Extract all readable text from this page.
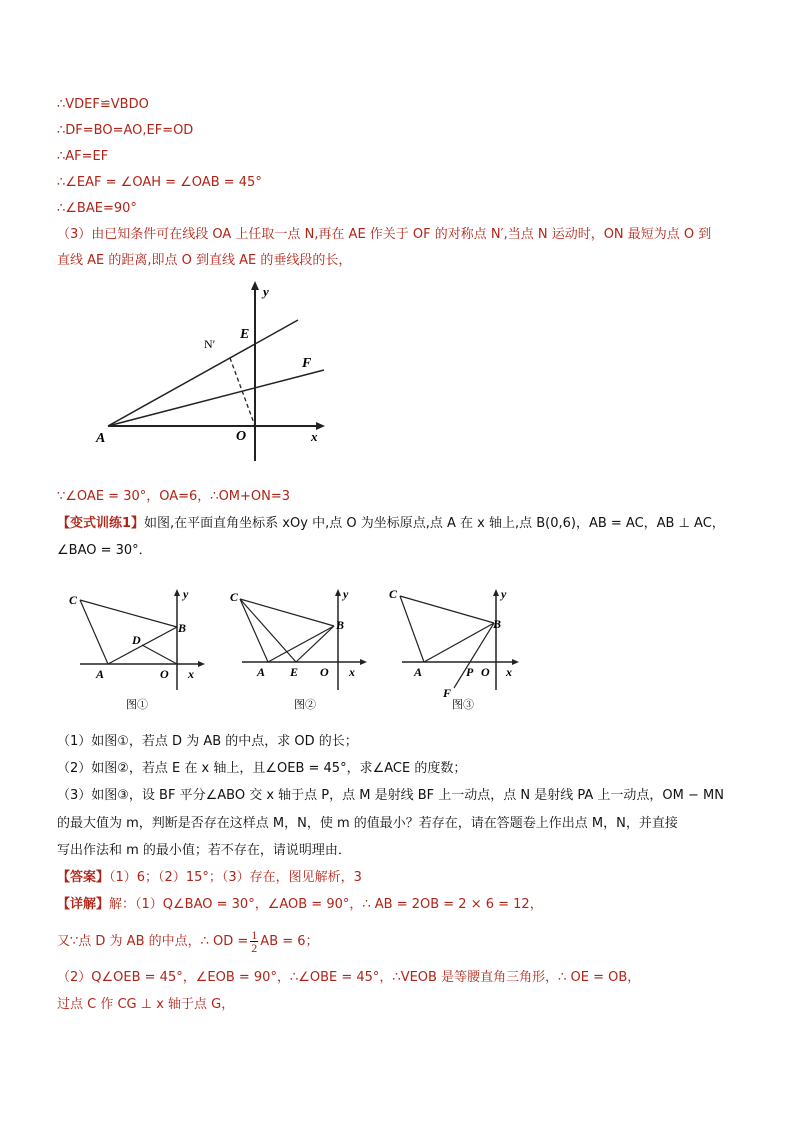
∴VDEF≌VBDO
∴DF=BO=AO,EF=OD
∴AF=EF
∴∠EAF = ∠OAH = ∠OAB = 45°
∴∠BAE=90°
（3）由已知条件可在线段 OA 上任取一点 N,再在 AE 作关于 OF 的对称点 N′,当点 N 运动时，ON 最短为点 O 到
直线 AE 的距离,即点 O 到直线 AE 的垂线段的长，
y
E
N′
F
A	O	x
∵∠OAE = 30°，OA=6，∴OM+ON=3
【变式训练1】如图,在平面直角坐标系 xOy 中,点 O 为坐标原点,点 A 在 x 轴上,点 B(0,6)，AB = AC，AB ⊥ AC，
∠BAO = 30°．
C
D
B
A	O x
y
图①
C
B
A E O x
y
图②
C
B
A	P O
F
x
y
图③
（1）如图①，若点 D 为 AB 的中点，求 OD 的长；
（2）如图②，若点 E 在 x 轴上，且∠OEB = 45°，求∠ACE 的度数；
（3）如图③，设 BF 平分∠ABO 交 x 轴于点 P，点 M 是射线 BF 上一动点，点 N 是射线 PA 上一动点，OM − MN
的最大值为 m，判断是否存在这样点 M，N，使 m 的值最小？若存在，请在答题卷上作出点 M，N，并直接
写出作法和 m 的最小值；若不存在，请说明理由．
【答案】（1）6；（2）15°；（3）存在，图见解析，3
【详解】解：（1）Q∠BAO = 30°，∠AOB = 90°，∴ AB = 2OB = 2 × 6 = 12，
又∵点 D 为 AB 的中点，∴ OD = $\frac{1}{2}$ AB = 6；
（2）Q∠OEB = 45°，∠EOB = 90°，∴∠OBE = 45°，∴VEOB 是等腰直角三角形，∴ OE = OB，
过点 C 作 CG ⊥ x 轴于点 G，
